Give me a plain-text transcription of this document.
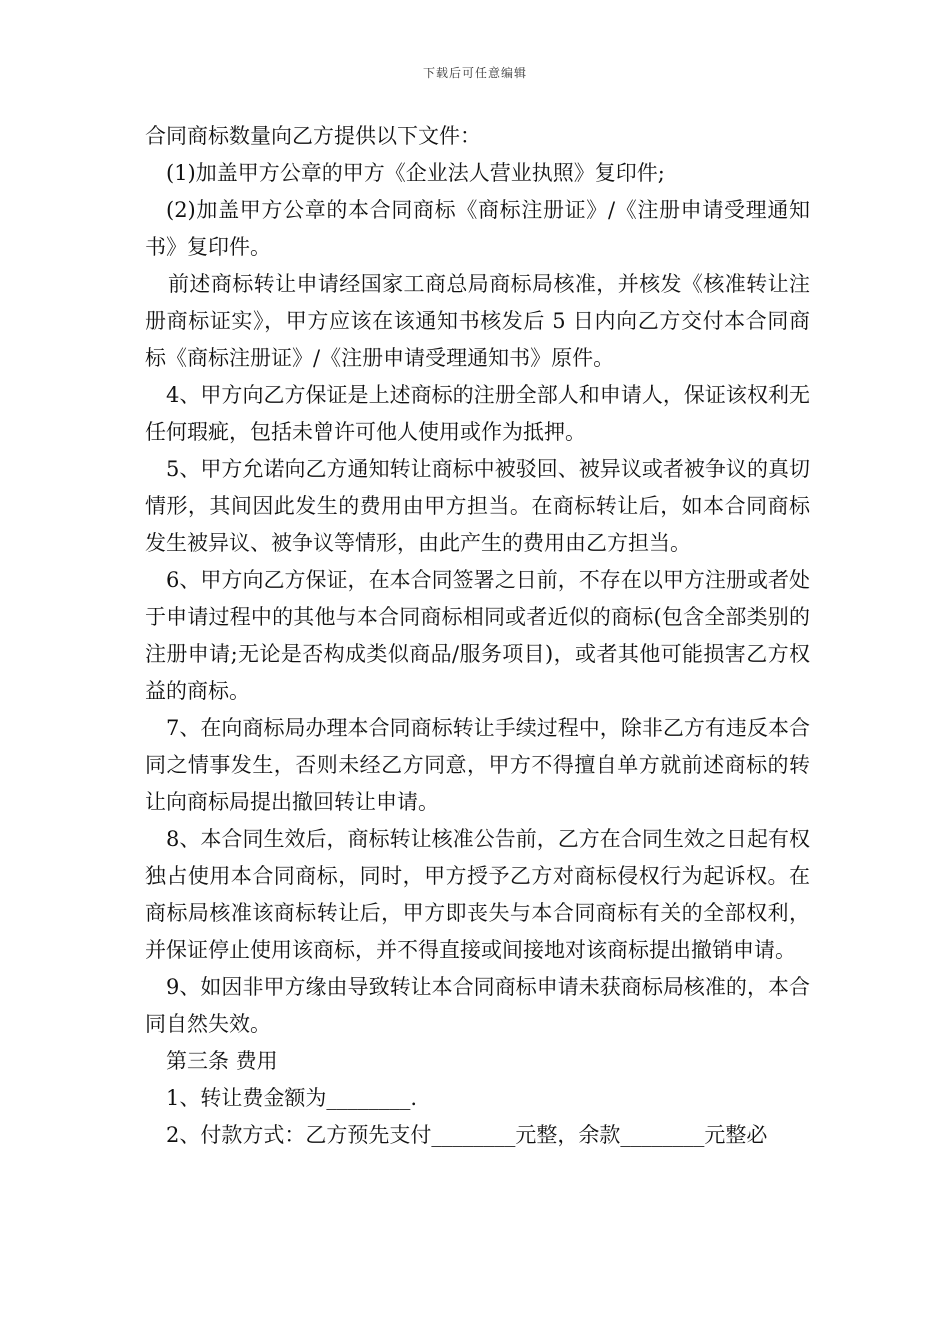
下载后可任意编辑

合同商标数量向乙方提供以下文件：

(1)加盖甲方公章的甲方《企业法人营业执照》复印件;

(2)加盖甲方公章的本合同商标《商标注册证》/《注册申请受理通知书》复印件。

前述商标转让申请经国家工商总局商标局核准，并核发《核准转让注册商标证实》，甲方应该在该通知书核发后 5 日内向乙方交付本合同商标《商标注册证》/《注册申请受理通知书》原件。

4、甲方向乙方保证是上述商标的注册全部人和申请人，保证该权利无任何瑕疵，包括未曾许可他人使用或作为抵押。

5、甲方允诺向乙方通知转让商标中被驳回、被异议或者被争议的真切情形，其间因此发生的费用由甲方担当。在商标转让后，如本合同商标发生被异议、被争议等情形，由此产生的费用由乙方担当。

6、甲方向乙方保证，在本合同签署之日前，不存在以甲方注册或者处于申请过程中的其他与本合同商标相同或者近似的商标(包含全部类别的注册申请;无论是否构成类似商品/服务项目)，或者其他可能损害乙方权益的商标。

7、在向商标局办理本合同商标转让手续过程中，除非乙方有违反本合同之情事发生，否则未经乙方同意，甲方不得擅自单方就前述商标的转让向商标局提出撤回转让申请。

8、本合同生效后，商标转让核准公告前，乙方在合同生效之日起有权独占使用本合同商标，同时，甲方授予乙方对商标侵权行为起诉权。在商标局核准该商标转让后，甲方即丧失与本合同商标有关的全部权利，并保证停止使用该商标，并不得直接或间接地对该商标提出撤销申请。

9、如因非甲方缘由导致转让本合同商标申请未获商标局核准的，本合同自然失效。

第三条 费用

1、转让费金额为________.

2、付款方式：乙方预先支付________元整，余款________元整必
